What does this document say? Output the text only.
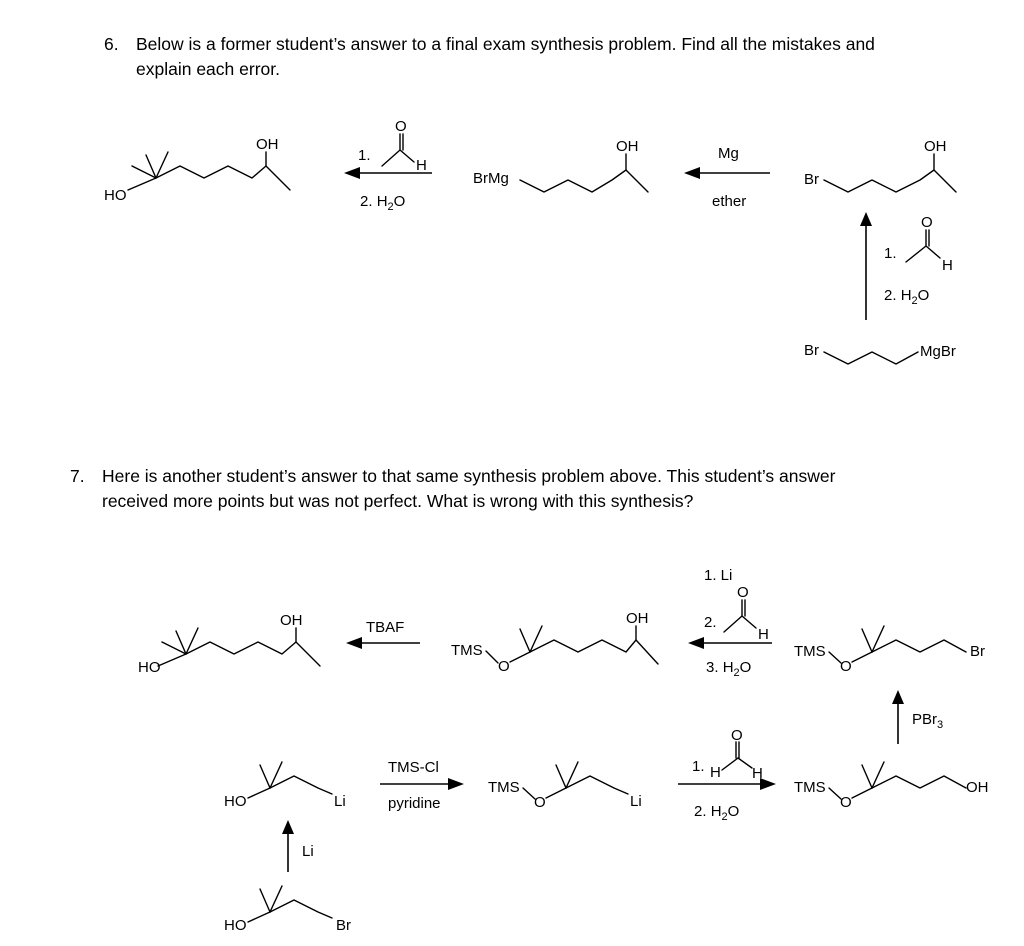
6. Below is a former student’s answer to a final exam synthesis problem. Find all the mistakes and
explain each error.
7. Here is another student’s answer to that same synthesis problem above. This student’s answer
received more points but was not perfect. What is wrong with this synthesis?
HO
OH
1.
O
H
2. $H_2O$
BrMg
OH	Mg
ether
Br
OH
1.
O
H
2. $H_2O$
Br	MgBr
HO
OH	TBAF
TMS
O
OH
1. Li
2.
O
H
3. $H_2O$
TMS
O
Br
PBr$_3$
TMS
O
OH
1. H
O
H
2. $H_2O$
TMS
O	Li
TMS-Cl
pyridine
HO	Li
Li
HO	Br
